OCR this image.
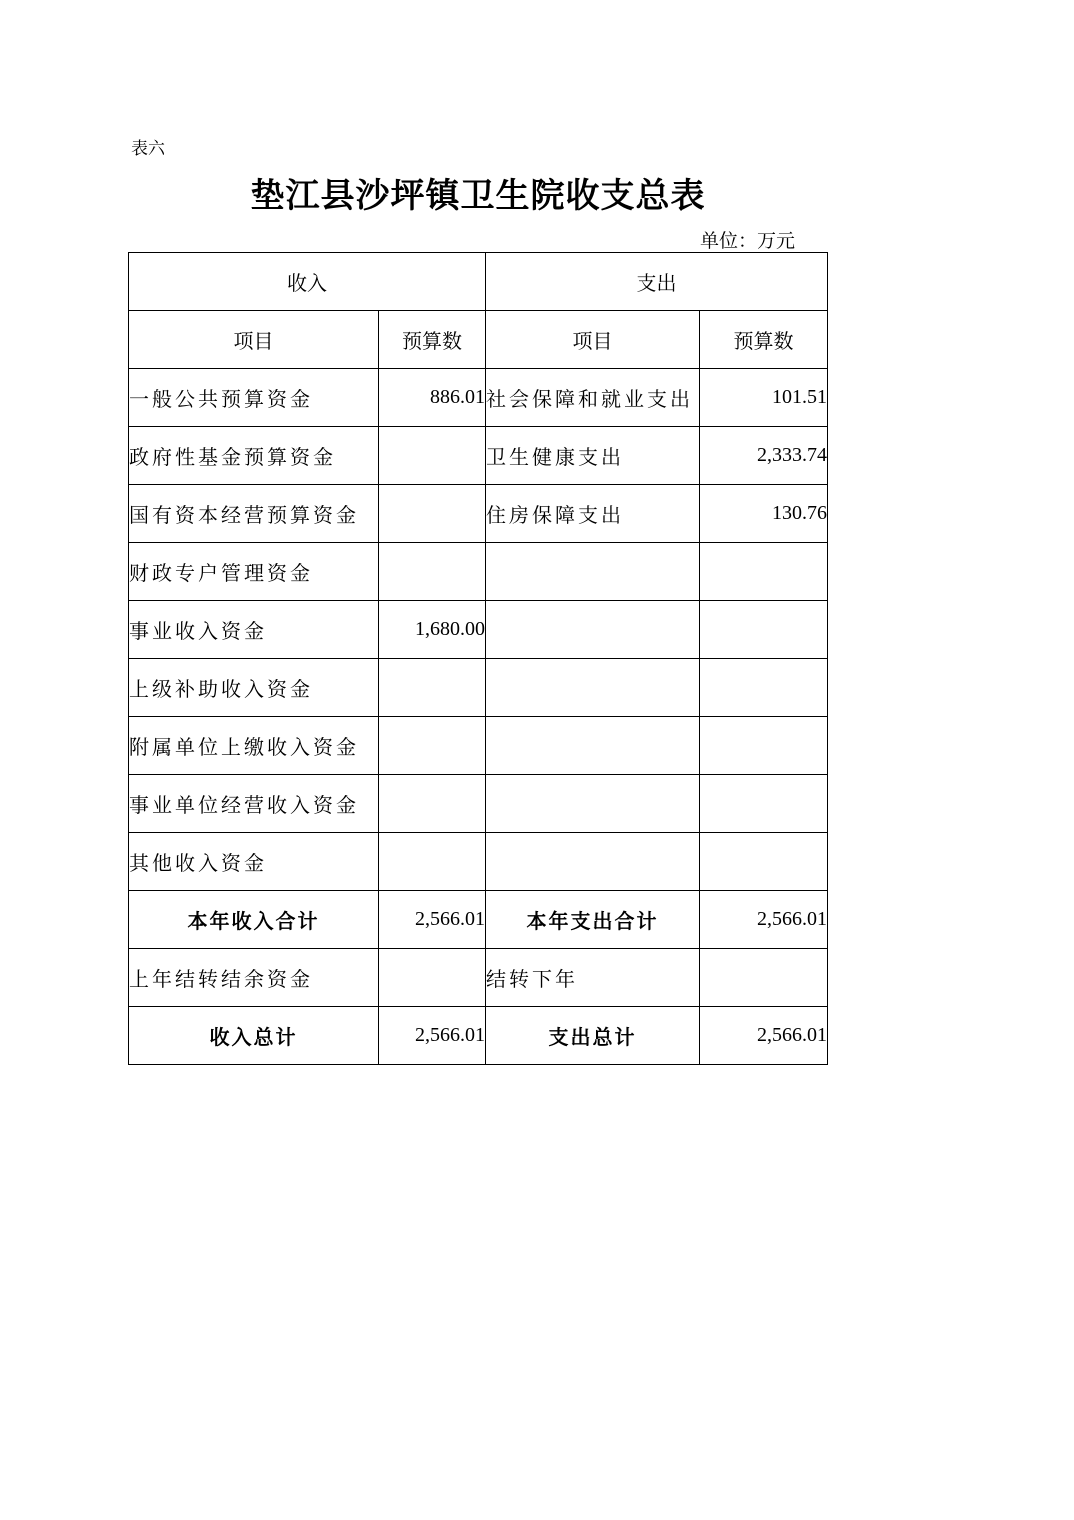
表六
垫江县沙坪镇卫生院收支总表
单位：万元
收入		支出	
项目	预算数	项目	预算数
一般公共预算资金	886.01	社会保障和就业支出	101.51
政府性基金预算资金		卫生健康支出	2,333.74
国有资本经营预算资金		住房保障支出	130.76
财政专户管理资金			
事业收入资金	1,680.00		
上级补助收入资金			
附属单位上缴收入资金			
事业单位经营收入资金			
其他收入资金			
本年收入合计	2,566.01	本年支出合计	2,566.01
上年结转结余资金		结转下年	
收入总计	2,566.01	支出总计	2,566.01
